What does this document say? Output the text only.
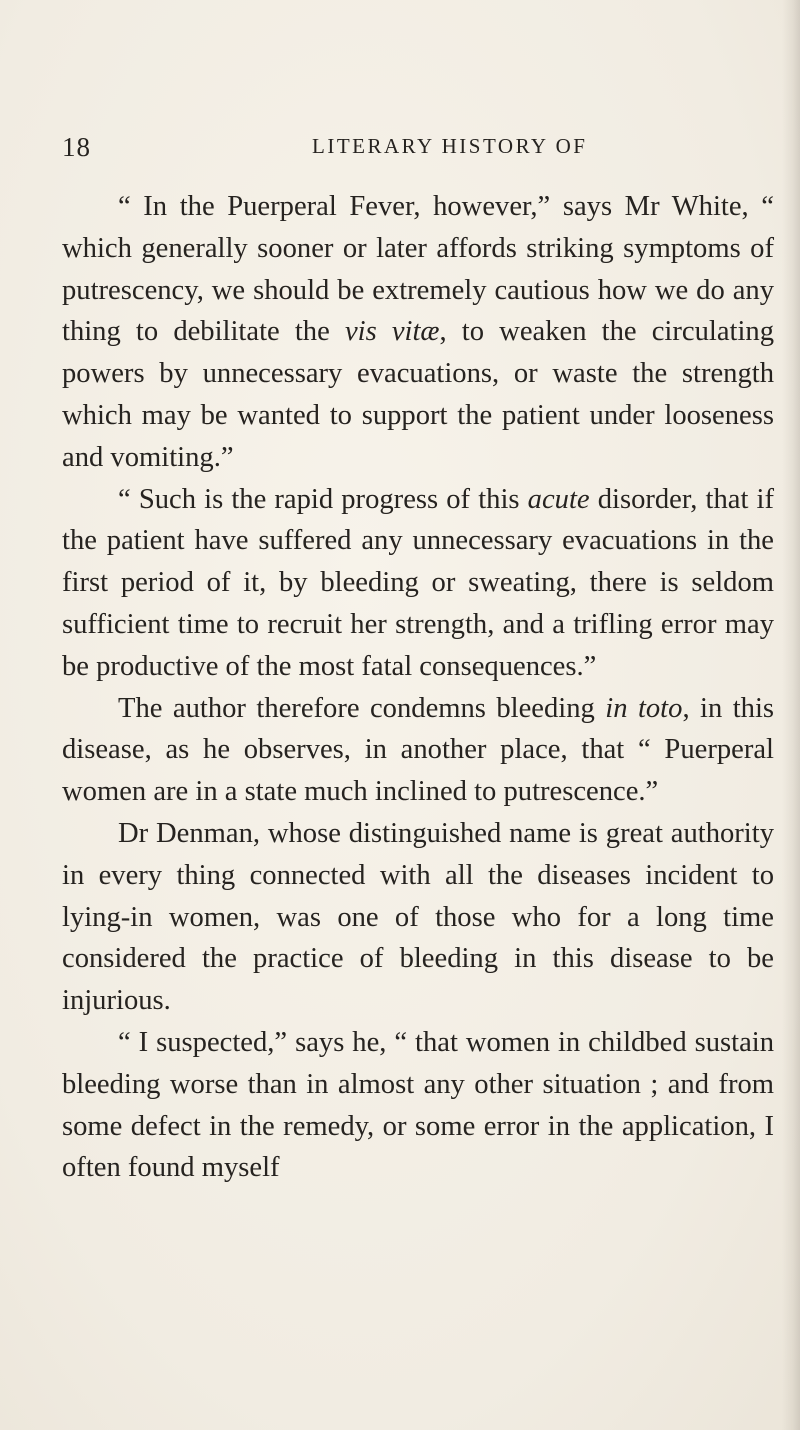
18	LITERARY HISTORY OF

“ In the Puerperal Fever, however,” says Mr White, “ which generally sooner or later affords striking symptoms of putrescency, we should be extremely cautious how we do any thing to debilitate the vis vitæ, to weaken the circulating powers by unnecessary evacuations, or waste the strength which may be wanted to support the patient under looseness and vomiting.”

“ Such is the rapid progress of this acute disorder, that if the patient have suffered any unnecessary evacuations in the first period of it, by bleeding or sweating, there is seldom sufficient time to recruit her strength, and a trifling error may be productive of the most fatal consequences.”

The author therefore condemns bleeding in toto, in this disease, as he observes, in another place, that “ Puerperal women are in a state much inclined to putrescence.”

Dr Denman, whose distinguished name is great authority in every thing connected with all the diseases incident to lying-in women, was one of those who for a long time considered the practice of bleeding in this disease to be injurious.

“ I suspected,” says he, “ that women in childbed sustain bleeding worse than in almost any other situation ; and from some defect in the remedy, or some error in the application, I often found myself
